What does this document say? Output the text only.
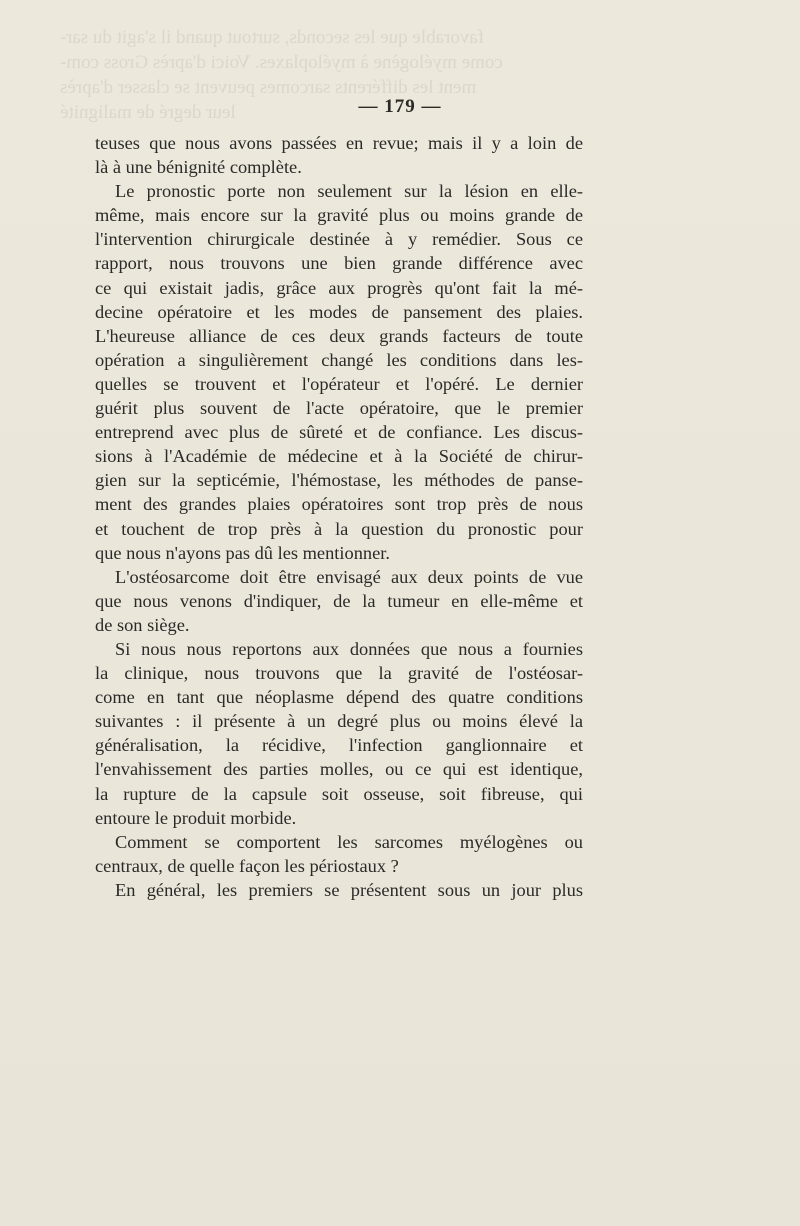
favorable que les seconds, surtout quand il s'agit du sar-
come myélogène à myéloplaxes. Voici d'après Gross com-
ment les différents sarcomes peuvent se classer d'après
leur degré de malignité
	— 179 —
teuses que nous avons passées en revue; mais il y a loin de
là à une bénignité complète.
Le pronostic porte non seulement sur la lésion en elle-
même, mais encore sur la gravité plus ou moins grande de
l'intervention chirurgicale destinée à y remédier. Sous ce
rapport, nous trouvons une bien grande différence avec
ce qui existait jadis, grâce aux progrès qu'ont fait la mé-
decine opératoire et les modes de pansement des plaies.
L'heureuse alliance de ces deux grands facteurs de toute
opération a singulièrement changé les conditions dans les-
quelles se trouvent et l'opérateur et l'opéré. Le dernier
guérit plus souvent de l'acte opératoire, que le premier
entreprend avec plus de sûreté et de confiance. Les discus-
sions à l'Académie de médecine et à la Société de chirur-
gien sur la septicémie, l'hémostase, les méthodes de panse-
ment des grandes plaies opératoires sont trop près de nous
et touchent de trop près à la question du pronostic pour
que nous n'ayons pas dû les mentionner.
L'ostéosarcome doit être envisagé aux deux points de vue
que nous venons d'indiquer, de la tumeur en elle-même et
de son siège.
Si nous nous reportons aux données que nous a fournies
la clinique, nous trouvons que la gravité de l'ostéosar-
come en tant que néoplasme dépend des quatre conditions
suivantes : il présente à un degré plus ou moins élevé la
généralisation, la récidive, l'infection ganglionnaire et
l'envahissement des parties molles, ou ce qui est identique,
la rupture de la capsule soit osseuse, soit fibreuse, qui
entoure le produit morbide.
Comment se comportent les sarcomes myélogènes ou
centraux, de quelle façon les périostaux ?
En général, les premiers se présentent sous un jour plus
